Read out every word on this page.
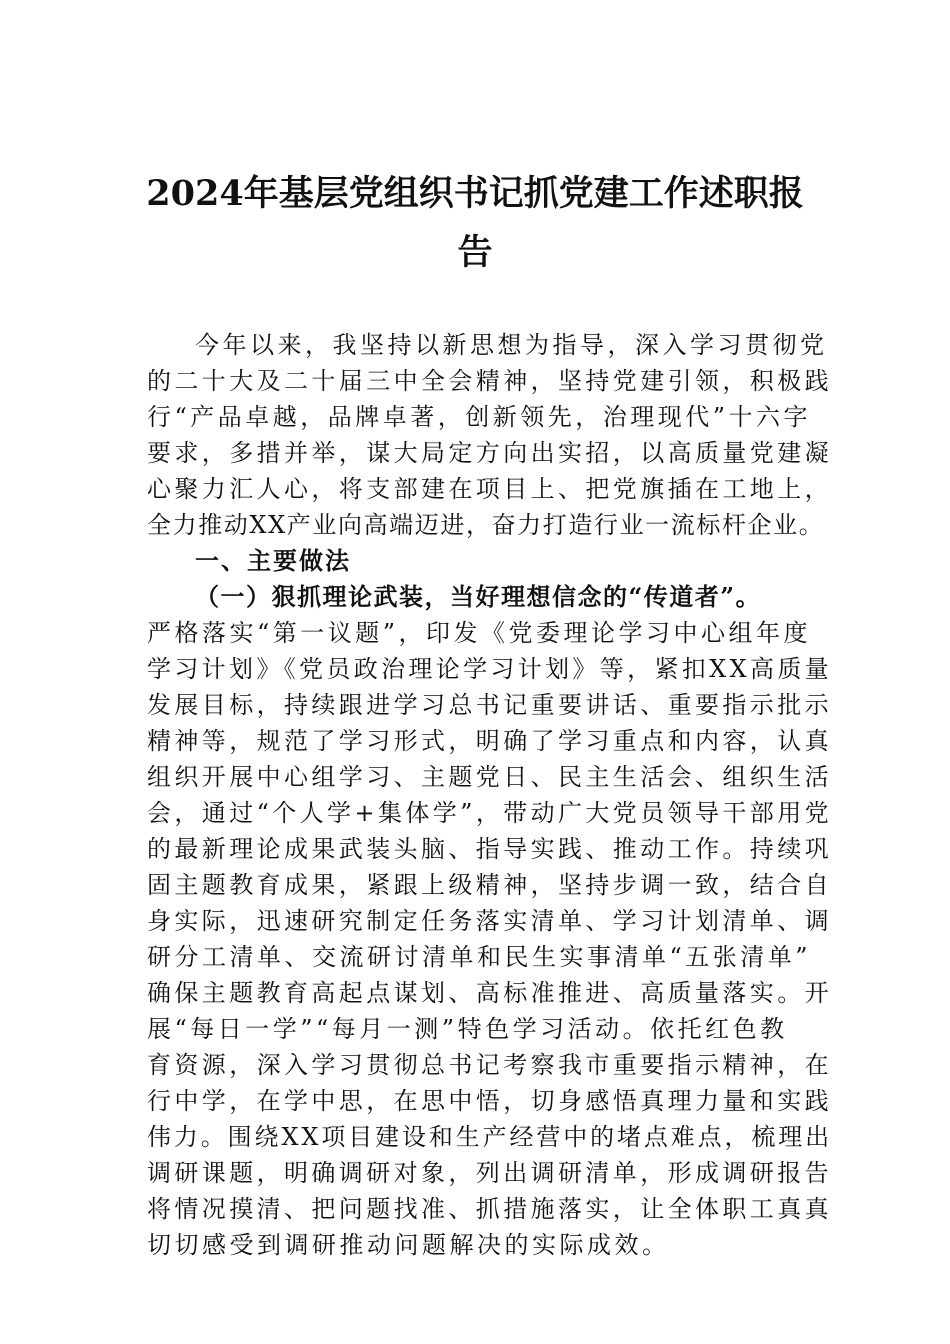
2024年基层党组织书记抓党建工作述职报
告
今年以来，我坚持以新思想为指导，深入学习贯彻党
的二十大及二十届三中全会精神，坚持党建引领，积极践
行“产品卓越，品牌卓著，创新领先，治理现代”十六字
要求，多措并举，谋大局定方向出实招，以高质量党建凝
心聚力汇人心，将支部建在项目上、把党旗插在工地上，
全力推动XX产业向高端迈进，奋力打造行业一流标杆企业。
一、主要做法
（一）狠抓理论武装，当好理想信念的“传道者”。
严格落实“第一议题”，印发《党委理论学习中心组年度
学习计划》《党员政治理论学习计划》等，紧扣XX高质量
发展目标，持续跟进学习总书记重要讲话、重要指示批示
精神等，规范了学习形式，明确了学习重点和内容，认真
组织开展中心组学习、主题党日、民主生活会、组织生活
会，通过“个人学+集体学”，带动广大党员领导干部用党
的最新理论成果武装头脑、指导实践、推动工作。持续巩
固主题教育成果，紧跟上级精神，坚持步调一致，结合自
身实际，迅速研究制定任务落实清单、学习计划清单、调
研分工清单、交流研讨清单和民生实事清单“五张清单”
确保主题教育高起点谋划、高标准推进、高质量落实。开
展“每日一学”“每月一测”特色学习活动。依托红色教
育资源，深入学习贯彻总书记考察我市重要指示精神，在
行中学，在学中思，在思中悟，切身感悟真理力量和实践
伟力。围绕XX项目建设和生产经营中的堵点难点，梳理出
调研课题，明确调研对象，列出调研清单，形成调研报告
将情况摸清、把问题找准、抓措施落实，让全体职工真真
切切感受到调研推动问题解决的实际成效。
